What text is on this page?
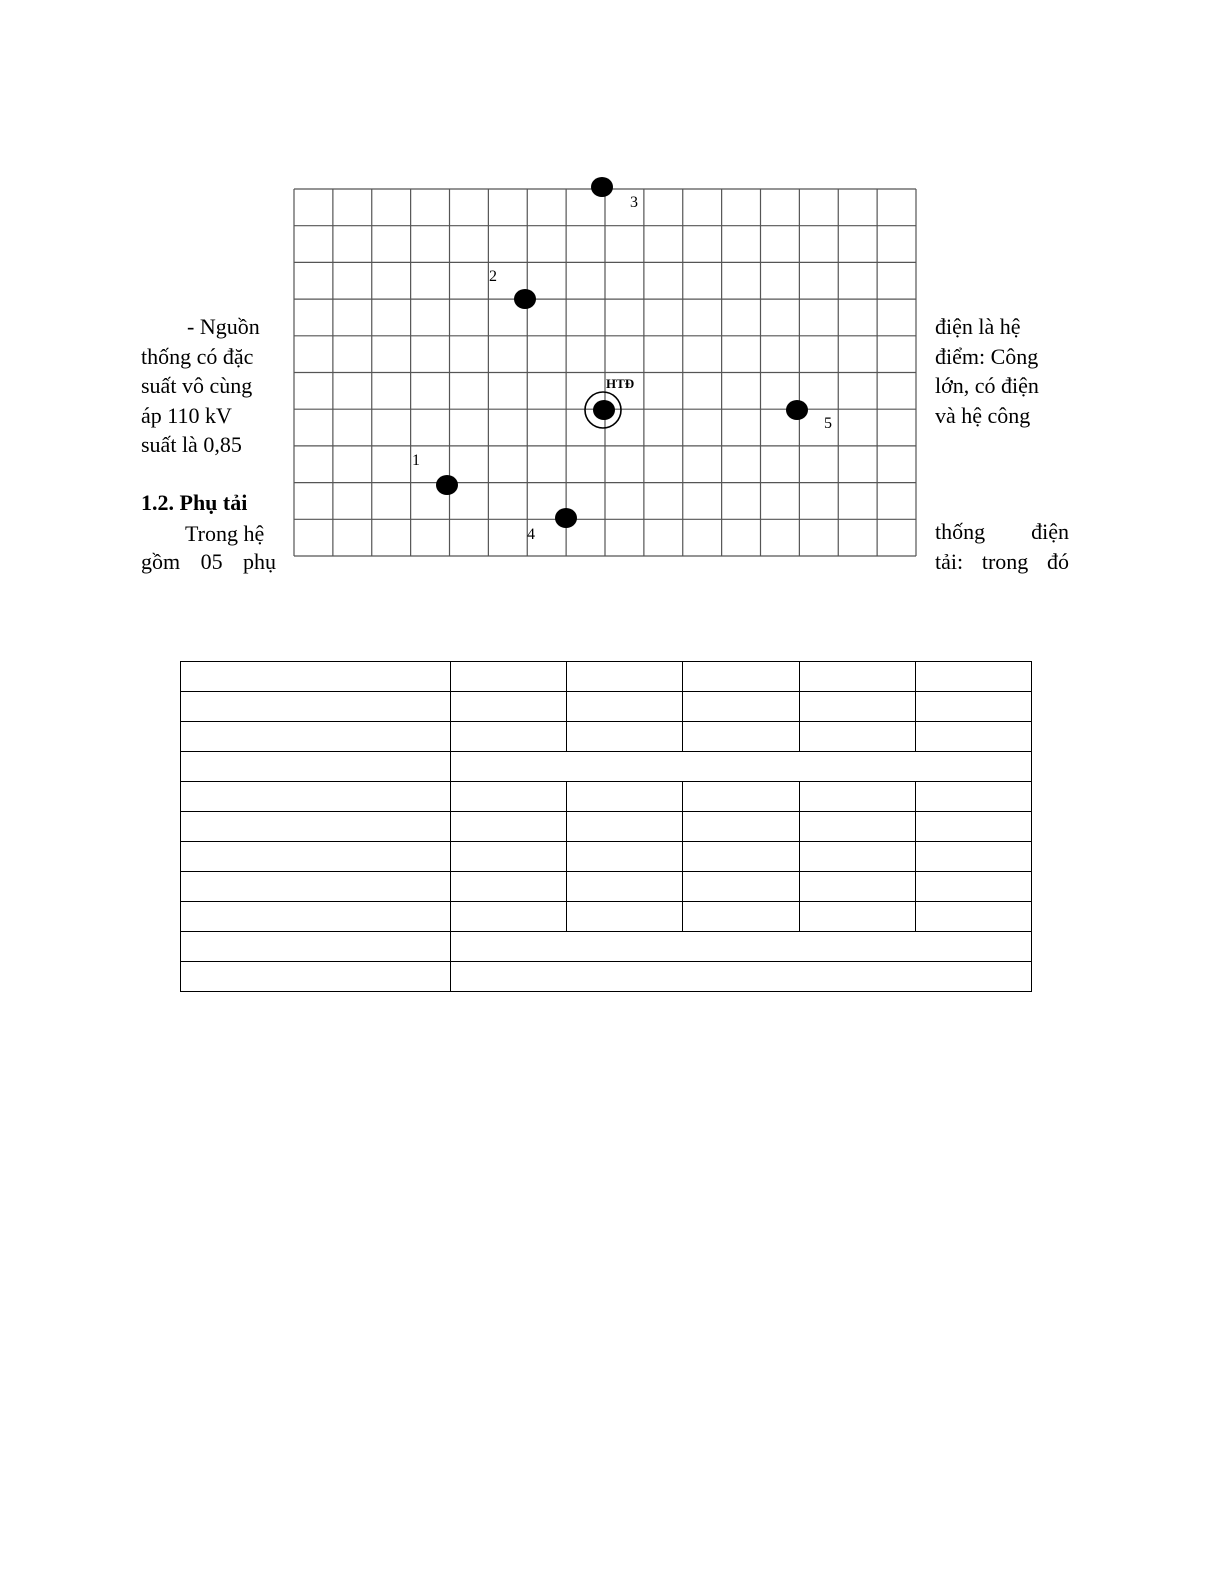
- Nguồn
thống có đặc
suất vô cùng
áp 110 kV
suất là 0,85
điện là hệ
điểm: Công
lớn, có điện
và hệ công
1.2. Phụ tải
Trong hệ
gồm 05 phụ
thống điện
tải: trong đó
HTĐ
1
2
3
4
5
